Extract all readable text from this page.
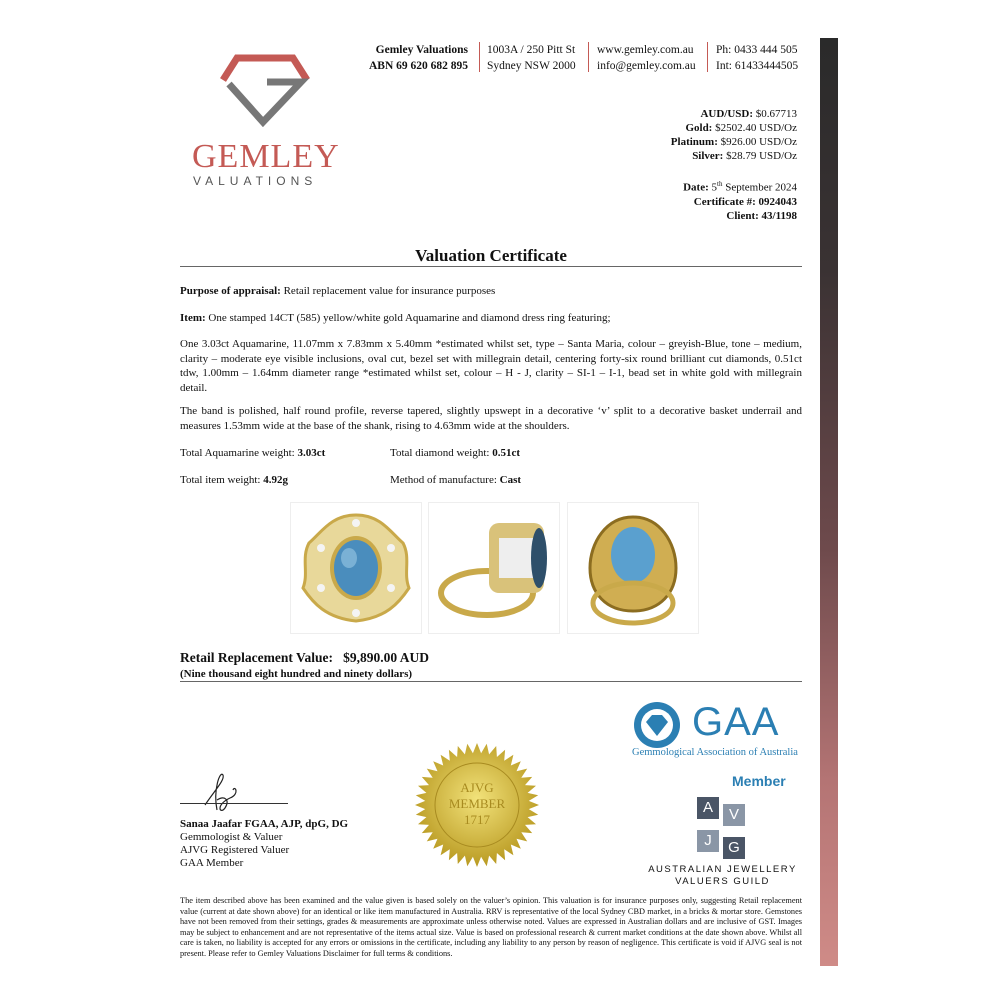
GEMLEY
VALUATIONS
Gemley Valuations
ABN 69 620 682 895
1003A / 250 Pitt St
Sydney NSW 2000
www.gemley.com.au
info@gemley.com.au
Ph: 0433 444 505
Int: 61433444505
AUD/USD: $0.67713
Gold: $2502.40 USD/Oz
Platinum: $926.00 USD/Oz
Silver: $28.79 USD/Oz
Date: 5th September 2024
Certificate #: 0924043
Client: 43/1198
Valuation Certificate
Purpose of appraisal: Retail replacement value for insurance purposes
Item: One stamped 14CT (585) yellow/white gold Aquamarine and diamond dress ring featuring;
One 3.03ct Aquamarine, 11.07mm x 7.83mm x 5.40mm *estimated whilst set, type – Santa Maria, colour – greyish-Blue, tone – medium, clarity – moderate eye visible inclusions, oval cut, bezel set with millegrain detail, centering forty-six round brilliant cut diamonds, 0.51ct tdw, 1.00mm – 1.64mm diameter range *estimated whilst set, colour – H - J, clarity – SI-1 – I-1, bead set in white gold with millegrain detail.
The band is polished, half round profile, reverse tapered, slightly upswept in a decorative ‘v’ split to a decorative basket underrail and measures 1.53mm wide at the base of the shank, rising to 4.63mm wide at the shoulders.
Total Aquamarine weight: 3.03ct	Total diamond weight: 0.51ct
Total item weight: 4.92g	Method of manufacture: Cast
Retail Replacement Value: $9,890.00 AUD
(Nine thousand eight hundred and ninety dollars)
GAA
Gemmological Association of Australia
Member
A	V
J	G
AUSTRALIAN JEWELLERY
VALUERS GUILD
AJVG
MEMBER
1717
Sanaa Jaafar FGAA, AJP, dpG, DG
Gemmologist & Valuer
AJVG Registered Valuer
GAA Member
The item described above has been examined and the value given is based solely on the valuer’s opinion. This valuation is for insurance purposes only, suggesting Retail replacement value (current at date shown above) for an identical or like item manufactured in Australia. RRV is representative of the local Sydney CBD market, in a bricks & mortar store. Gemstones have not been removed from their settings, grades & measurements are approximate unless otherwise noted. Values are expressed in Australian dollars and are inclusive of GST. Images may be subject to enhancement and are not representative of the items actual size. Value is based on professional research & current market conditions at the date shown above. Whilst all care is taken, no liability is accepted for any errors or omissions in the certificate, including any liability to any person by reason of negligence. This certificate is void if AJVG seal is not present. Please refer to Gemley Valuations Disclaimer for full terms & conditions.
